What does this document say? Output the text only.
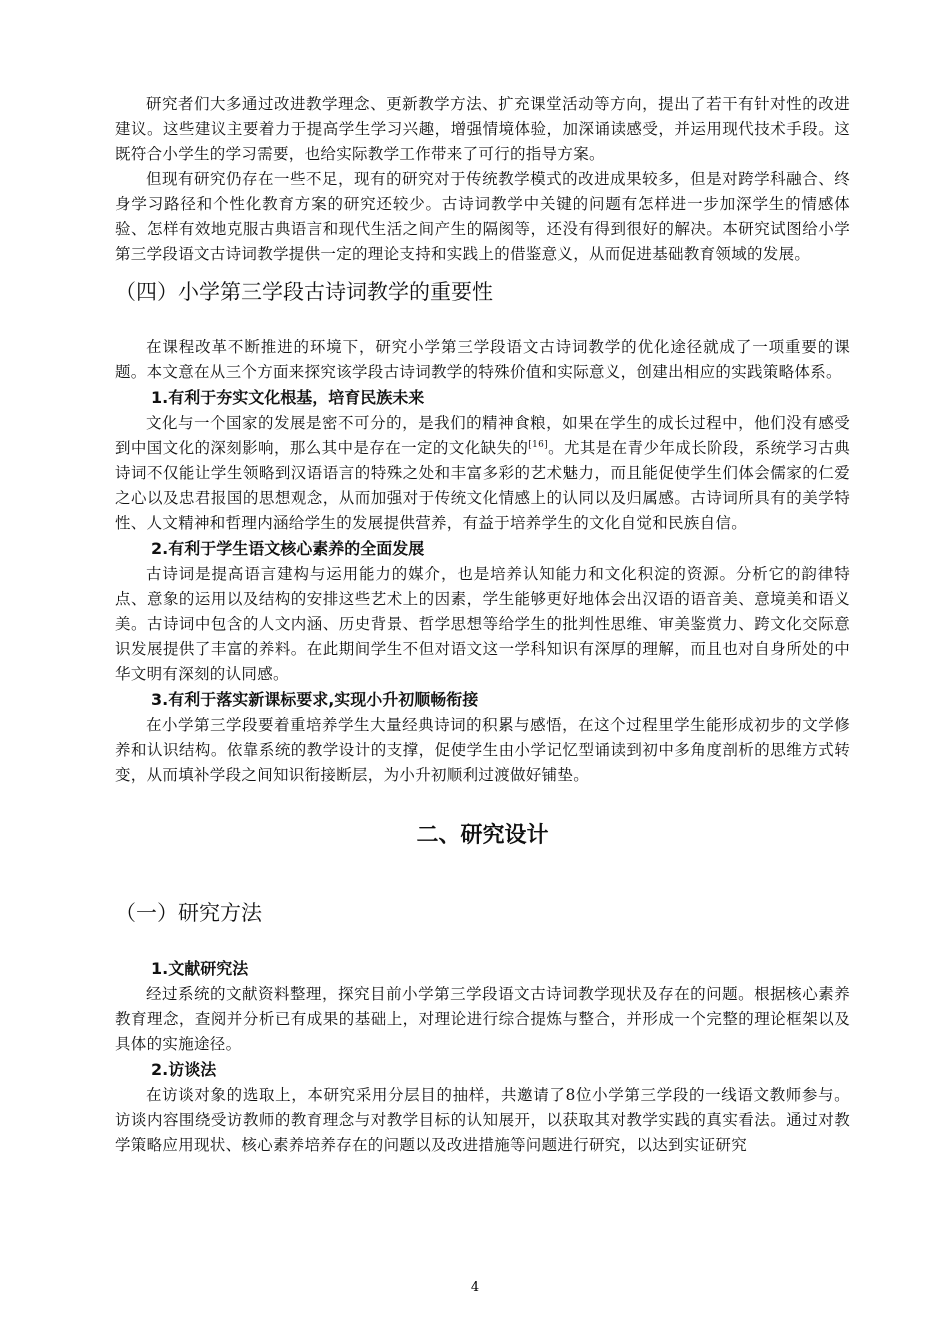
研究者们大多通过改进教学理念、更新教学方法、扩充课堂活动等方向，提出了若干有针对性的改进建议。这些建议主要着力于提高学生学习兴趣，增强情境体验，加深诵读感受，并运用现代技术手段。这既符合小学生的学习需要，也给实际教学工作带来了可行的指导方案。

但现有研究仍存在一些不足，现有的研究对于传统教学模式的改进成果较多，但是对跨学科融合、终身学习路径和个性化教育方案的研究还较少。古诗词教学中关键的问题有怎样进一步加深学生的情感体验、怎样有效地克服古典语言和现代生活之间产生的隔阂等，还没有得到很好的解决。本研究试图给小学第三学段语文古诗词教学提供一定的理论支持和实践上的借鉴意义，从而促进基础教育领域的发展。

（四）小学第三学段古诗词教学的重要性

在课程改革不断推进的环境下，研究小学第三学段语文古诗词教学的优化途径就成了一项重要的课题。本文意在从三个方面来探究该学段古诗词教学的特殊价值和实际意义，创建出相应的实践策略体系。

1.有利于夯实文化根基，培育民族未来

文化与一个国家的发展是密不可分的，是我们的精神食粮，如果在学生的成长过程中，他们没有感受到中国文化的深刻影响，那么其中是存在一定的文化缺失的[16]。尤其是在青少年成长阶段，系统学习古典诗词不仅能让学生领略到汉语语言的特殊之处和丰富多彩的艺术魅力，而且能促使学生们体会儒家的仁爱之心以及忠君报国的思想观念，从而加强对于传统文化情感上的认同以及归属感。古诗词所具有的美学特性、人文精神和哲理内涵给学生的发展提供营养，有益于培养学生的文化自觉和民族自信。

2.有利于学生语文核心素养的全面发展

古诗词是提高语言建构与运用能力的媒介，也是培养认知能力和文化积淀的资源。分析它的韵律特点、意象的运用以及结构的安排这些艺术上的因素，学生能够更好地体会出汉语的语音美、意境美和语义美。古诗词中包含的人文内涵、历史背景、哲学思想等给学生的批判性思维、审美鉴赏力、跨文化交际意识发展提供了丰富的养料。在此期间学生不但对语文这一学科知识有深厚的理解，而且也对自身所处的中华文明有深刻的认同感。

3.有利于落实新课标要求,实现小升初顺畅衔接

在小学第三学段要着重培养学生大量经典诗词的积累与感悟，在这个过程里学生能形成初步的文学修养和认识结构。依靠系统的教学设计的支撑，促使学生由小学记忆型诵读到初中多角度剖析的思维方式转变，从而填补学段之间知识衔接断层，为小升初顺利过渡做好铺垫。

二、研究设计
（一）研究方法

1.文献研究法

经过系统的文献资料整理，探究目前小学第三学段语文古诗词教学现状及存在的问题。根据核心素养教育理念，查阅并分析已有成果的基础上，对理论进行综合提炼与整合，并形成一个完整的理论框架以及具体的实施途径。

2.访谈法

在访谈对象的选取上，本研究采用分层目的抽样，共邀请了8位小学第三学段的一线语文教师参与。访谈内容围绕受访教师的教育理念与对教学目标的认知展开，以获取其对教学实践的真实看法。通过对教学策略应用现状、核心素养培养存在的问题以及改进措施等问题进行研究，以达到实证研究

4
